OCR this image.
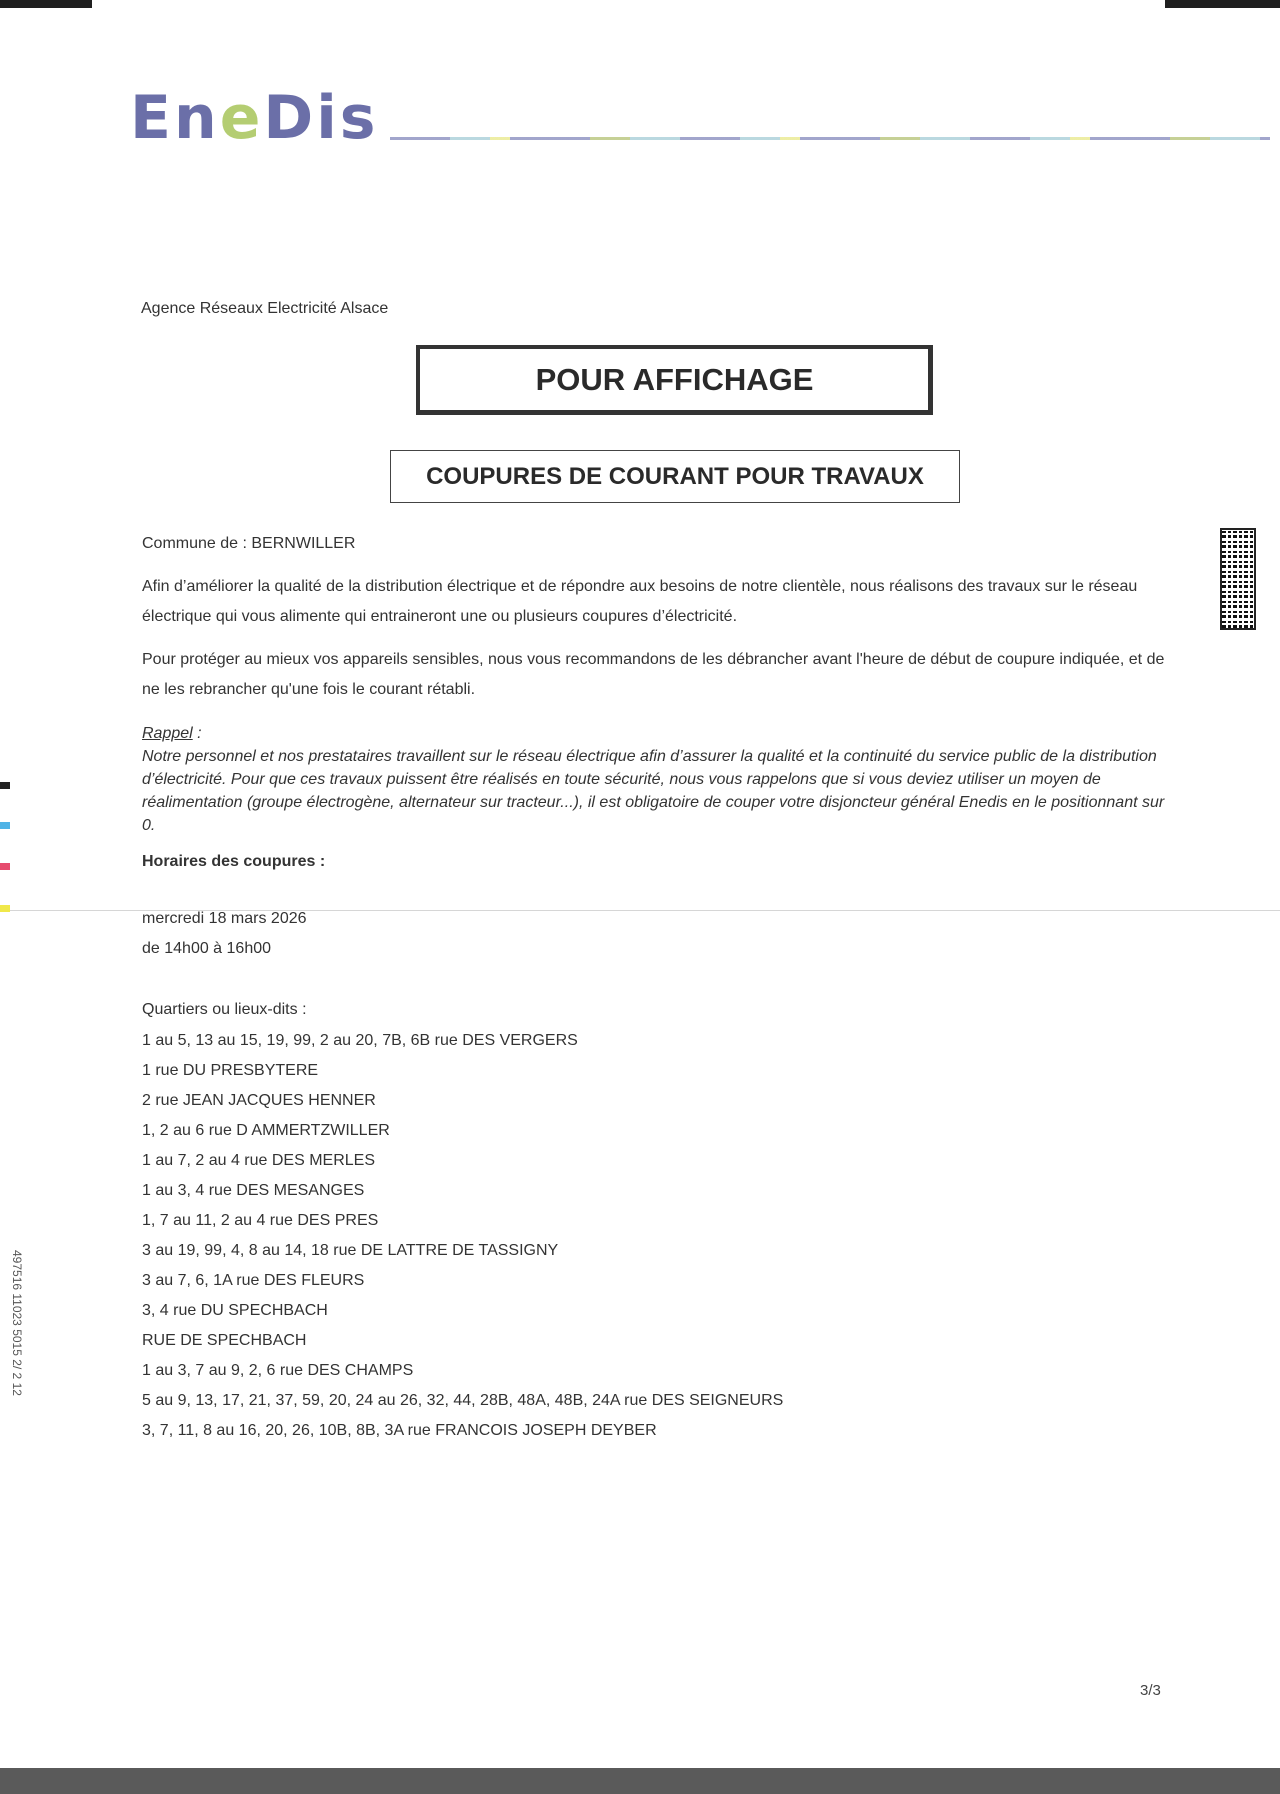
EneDis
Agence Réseaux Electricité Alsace
POUR AFFICHAGE
COUPURES DE COURANT POUR TRAVAUX
Commune de : BERNWILLER
Afin d’améliorer la qualité de la distribution électrique et de répondre aux besoins de notre clientèle, nous réalisons des travaux sur le réseau électrique qui vous alimente qui entraineront une ou plusieurs coupures d’électricité.
Pour protéger au mieux vos appareils sensibles, nous vous recommandons de les débrancher avant l'heure de début de coupure indiquée, et de ne les rebrancher qu'une fois le courant rétabli.
Rappel :
Notre personnel et nos prestataires travaillent sur le réseau électrique afin d’assurer la qualité et la continuité du service public de la distribution d’électricité. Pour que ces travaux puissent être réalisés en toute sécurité, nous vous rappelons que si vous deviez utiliser un moyen de réalimentation (groupe électrogène, alternateur sur tracteur...), il est obligatoire de couper votre disjoncteur général Enedis en le positionnant sur 0.
Horaires des coupures :
mercredi 18 mars 2026
de 14h00 à 16h00
Quartiers ou lieux-dits :
1 au 5, 13 au 15, 19, 99, 2 au 20, 7B, 6B rue DES VERGERS
1 rue DU PRESBYTERE
2 rue JEAN JACQUES HENNER
1, 2 au 6 rue D AMMERTZWILLER
1 au 7, 2 au 4 rue DES MERLES
1 au 3, 4 rue DES MESANGES
1, 7 au 11, 2 au 4 rue DES PRES
3 au 19, 99, 4, 8 au 14, 18 rue DE LATTRE DE TASSIGNY
3 au 7, 6, 1A rue DES FLEURS
3, 4 rue DU SPECHBACH
RUE DE SPECHBACH
1 au 3, 7 au 9, 2, 6 rue DES CHAMPS
5 au 9, 13, 17, 21, 37, 59, 20, 24 au 26, 32, 44, 28B, 48A, 48B, 24A rue DES SEIGNEURS
3, 7, 11, 8 au 16, 20, 26, 10B, 8B, 3A rue FRANCOIS JOSEPH DEYBER
497516 11023 5015 2/ 2 12
3/3
